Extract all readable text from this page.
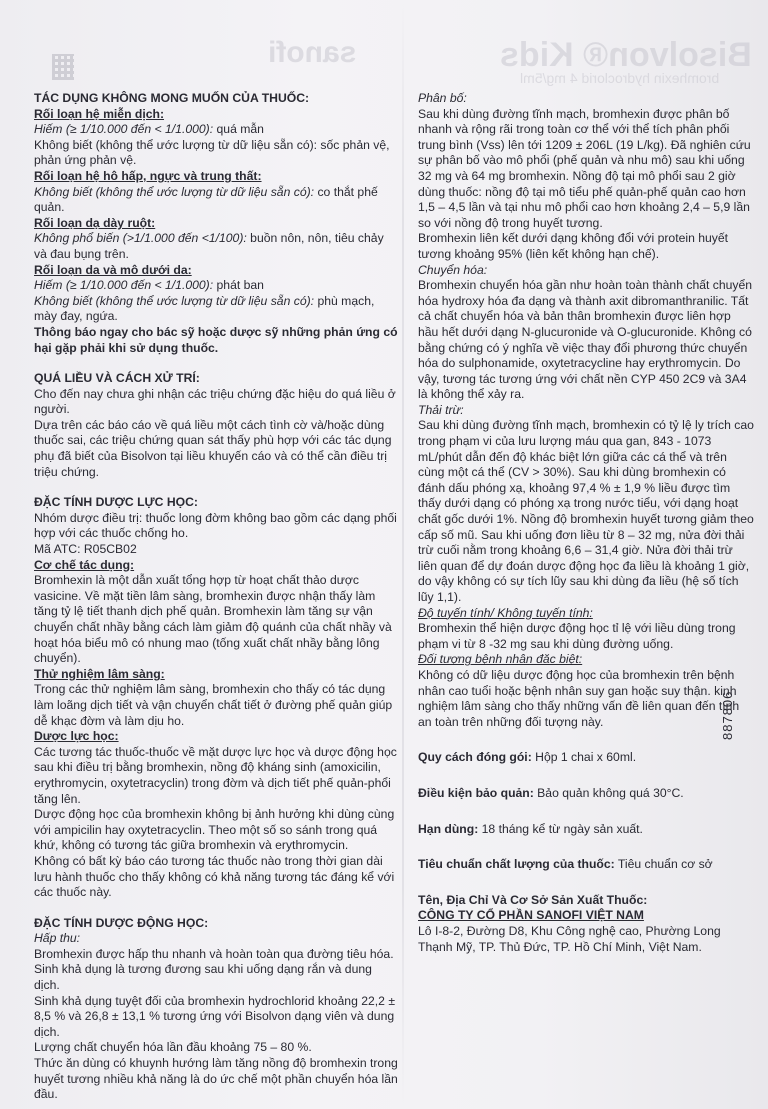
Bisolvon® Kids
bromhexin hydroclorid 4 mg/5ml
sanofi

TÁC DỤNG KHÔNG MONG MUỐN CỦA THUỐC:

Rối loạn hệ miễn dịch:

Hiếm (≥ 1/10.000 đến < 1/1.000): quá mẫn

Không biết (không thể ước lượng từ dữ liệu sẵn có): sốc phản vệ, phản ứng phản vệ.

Rối loạn hệ hô hấp, ngực và trung thất:

Không biết (không thể ước lượng từ dữ liệu sẵn có): co thắt phế quản.

Rối loạn dạ dày ruột:

Không phổ biến (>1/1.000 đến <1/100): buồn nôn, nôn, tiêu chảy và đau bụng trên.

Rối loạn da và mô dưới da:

Hiếm (≥ 1/10.000 đến < 1/1.000): phát ban

Không biết (không thể ước lượng từ dữ liệu sẵn có): phù mạch, mày đay, ngứa.

Thông báo ngay cho bác sỹ hoặc dược sỹ những phản ứng có hại gặp phải khi sử dụng thuốc.

QUÁ LIỀU VÀ CÁCH XỬ TRÍ:

Cho đến nay chưa ghi nhận các triệu chứng đặc hiệu do quá liều ở người.

Dựa trên các báo cáo về quá liều một cách tình cờ và/hoặc dùng thuốc sai, các triệu chứng quan sát thấy phù hợp với các tác dụng phụ đã biết của Bisolvon tại liều khuyến cáo và có thể cần điều trị triệu chứng.

ĐẶC TÍNH DƯỢC LỰC HỌC:

Nhóm dược điều trị: thuốc long đờm không bao gồm các dạng phối hợp với các thuốc chống ho.

Mã ATC: R05CB02

Cơ chế tác dụng:

Bromhexin là một dẫn xuất tổng hợp từ hoạt chất thảo dược vasicine. Về mặt tiền lâm sàng, bromhexin được nhận thấy làm tăng tỷ lệ tiết thanh dịch phế quản. Bromhexin làm tăng sự vận chuyển chất nhầy bằng cách làm giảm độ quánh của chất nhầy và hoạt hóa biểu mô có nhung mao (tống xuất chất nhầy bằng lông chuyển).

Thử nghiệm lâm sàng:

Trong các thử nghiệm lâm sàng, bromhexin cho thấy có tác dụng làm loãng dịch tiết và vận chuyển chất tiết ở đường phế quản giúp dễ khạc đờm và làm dịu ho.

Dược lực học:

Các tương tác thuốc-thuốc về mặt dược lực học và dược động học sau khi điều trị bằng bromhexin, nồng độ kháng sinh (amoxicilin, erythromycin, oxytetracyclin) trong đờm và dịch tiết phế quản-phổi tăng lên.

Dược động học của bromhexin không bị ảnh hưởng khi dùng cùng với ampicilin hay oxytetracyclin. Theo một số so sánh trong quá khứ, không có tương tác giữa bromhexin và erythromycin.

Không có bất kỳ báo cáo tương tác thuốc nào trong thời gian dài lưu hành thuốc cho thấy không có khả năng tương tác đáng kể với các thuốc này.

ĐẶC TÍNH DƯỢC ĐỘNG HỌC:

Hấp thu:

Bromhexin được hấp thu nhanh và hoàn toàn qua đường tiêu hóa.

Sinh khả dụng là tương đương sau khi uống dạng rắn và dung dịch.

Sinh khả dụng tuyệt đối của bromhexin hydrochlorid khoảng 22,2 ± 8,5 % và 26,8 ± 13,1 % tương ứng với Bisolvon dạng viên và dung dịch.

Lượng chất chuyển hóa lần đầu khoảng 75 – 80 %.

Thức ăn dùng có khuynh hướng làm tăng nồng độ bromhexin trong huyết tương nhiều khả năng là do ức chế một phần chuyển hóa lần đầu.

Phân bố:

Sau khi dùng đường tĩnh mạch, bromhexin được phân bố nhanh và rộng rãi trong toàn cơ thể với thể tích phân phối trung bình (Vss) lên tới 1209 ± 206L (19 L/kg). Đã nghiên cứu sự phân bố vào mô phổi (phế quản và nhu mô) sau khi uống 32 mg và 64 mg bromhexin. Nồng độ tại mô phổi sau 2 giờ dùng thuốc: nồng độ tại mô tiểu phế quản-phế quản cao hơn 1,5 – 4,5 lần và tại nhu mô phổi cao hơn khoảng 2,4 – 5,9 lần so với nồng độ trong huyết tương.

Bromhexin liên kết dưới dạng không đổi với protein huyết tương khoảng 95% (liên kết không hạn chế).

Chuyển hóa:

Bromhexin chuyển hóa gần như hoàn toàn thành chất chuyển hóa hydroxy hóa đa dạng và thành axit dibromanthranilic. Tất cả chất chuyển hóa và bản thân bromhexin được liên hợp hầu hết dưới dạng N-glucuronide và O-glucuronide. Không có bằng chứng có ý nghĩa về việc thay đổi phương thức chuyển hóa do sulphonamide, oxytetracycline hay erythromycin. Do vậy, tương tác tương ứng với chất nền CYP 450 2C9 và 3A4 là không thể xảy ra.

Thải trừ:

Sau khi dùng đường tĩnh mạch, bromhexin có tỷ lệ ly trích cao trong phạm vi của lưu lượng máu qua gan, 843 - 1073 mL/phút dẫn đến độ khác biệt lớn giữa các cá thể và trên cùng một cá thể (CV > 30%). Sau khi dùng bromhexin có đánh dấu phóng xạ, khoảng 97,4 % ± 1,9 % liều được tìm thấy dưới dạng có phóng xạ trong nước tiểu, với dạng hoạt chất gốc dưới 1%. Nồng độ bromhexin huyết tương giảm theo cấp số mũ. Sau khi uống đơn liều từ 8 – 32 mg, nửa đời thải trừ cuối nằm trong khoảng 6,6 – 31,4 giờ. Nửa đời thải trừ liên quan để dự đoán dược động học đa liều là khoảng 1 giờ, do vậy không có sự tích lũy sau khi dùng đa liều (hệ số tích lũy 1,1).

Độ tuyến tính/ Không tuyến tính:

Bromhexin thể hiện dược động học tỉ lệ với liều dùng trong phạm vi từ 8 -32 mg sau khi dùng đường uống.

Đối tượng bệnh nhân đặc biệt:

Không có dữ liệu dược động học của bromhexin trên bệnh nhân cao tuổi hoặc bệnh nhân suy gan hoặc suy thận. kinh nghiệm lâm sàng cho thấy những vấn đề liên quan đến tính an toàn trên những đối tượng này.

Quy cách đóng gói: Hộp 1 chai x 60ml.

Điều kiện bảo quản: Bảo quản không quá 30°C.

Hạn dùng: 18 tháng kể từ ngày sản xuất.

Tiêu chuẩn chất lượng của thuốc: Tiêu chuẩn cơ sở

Tên, Địa Chỉ Và Cơ Sở Sản Xuất Thuốc:

CÔNG TY CỔ PHẦN SANOFI VIỆT NAM

Lô I-8-2, Đường D8, Khu Công nghệ cao, Phường Long Thạnh Mỹ, TP. Thủ Đức, TP. Hồ Chí Minh, Việt Nam.

887806
